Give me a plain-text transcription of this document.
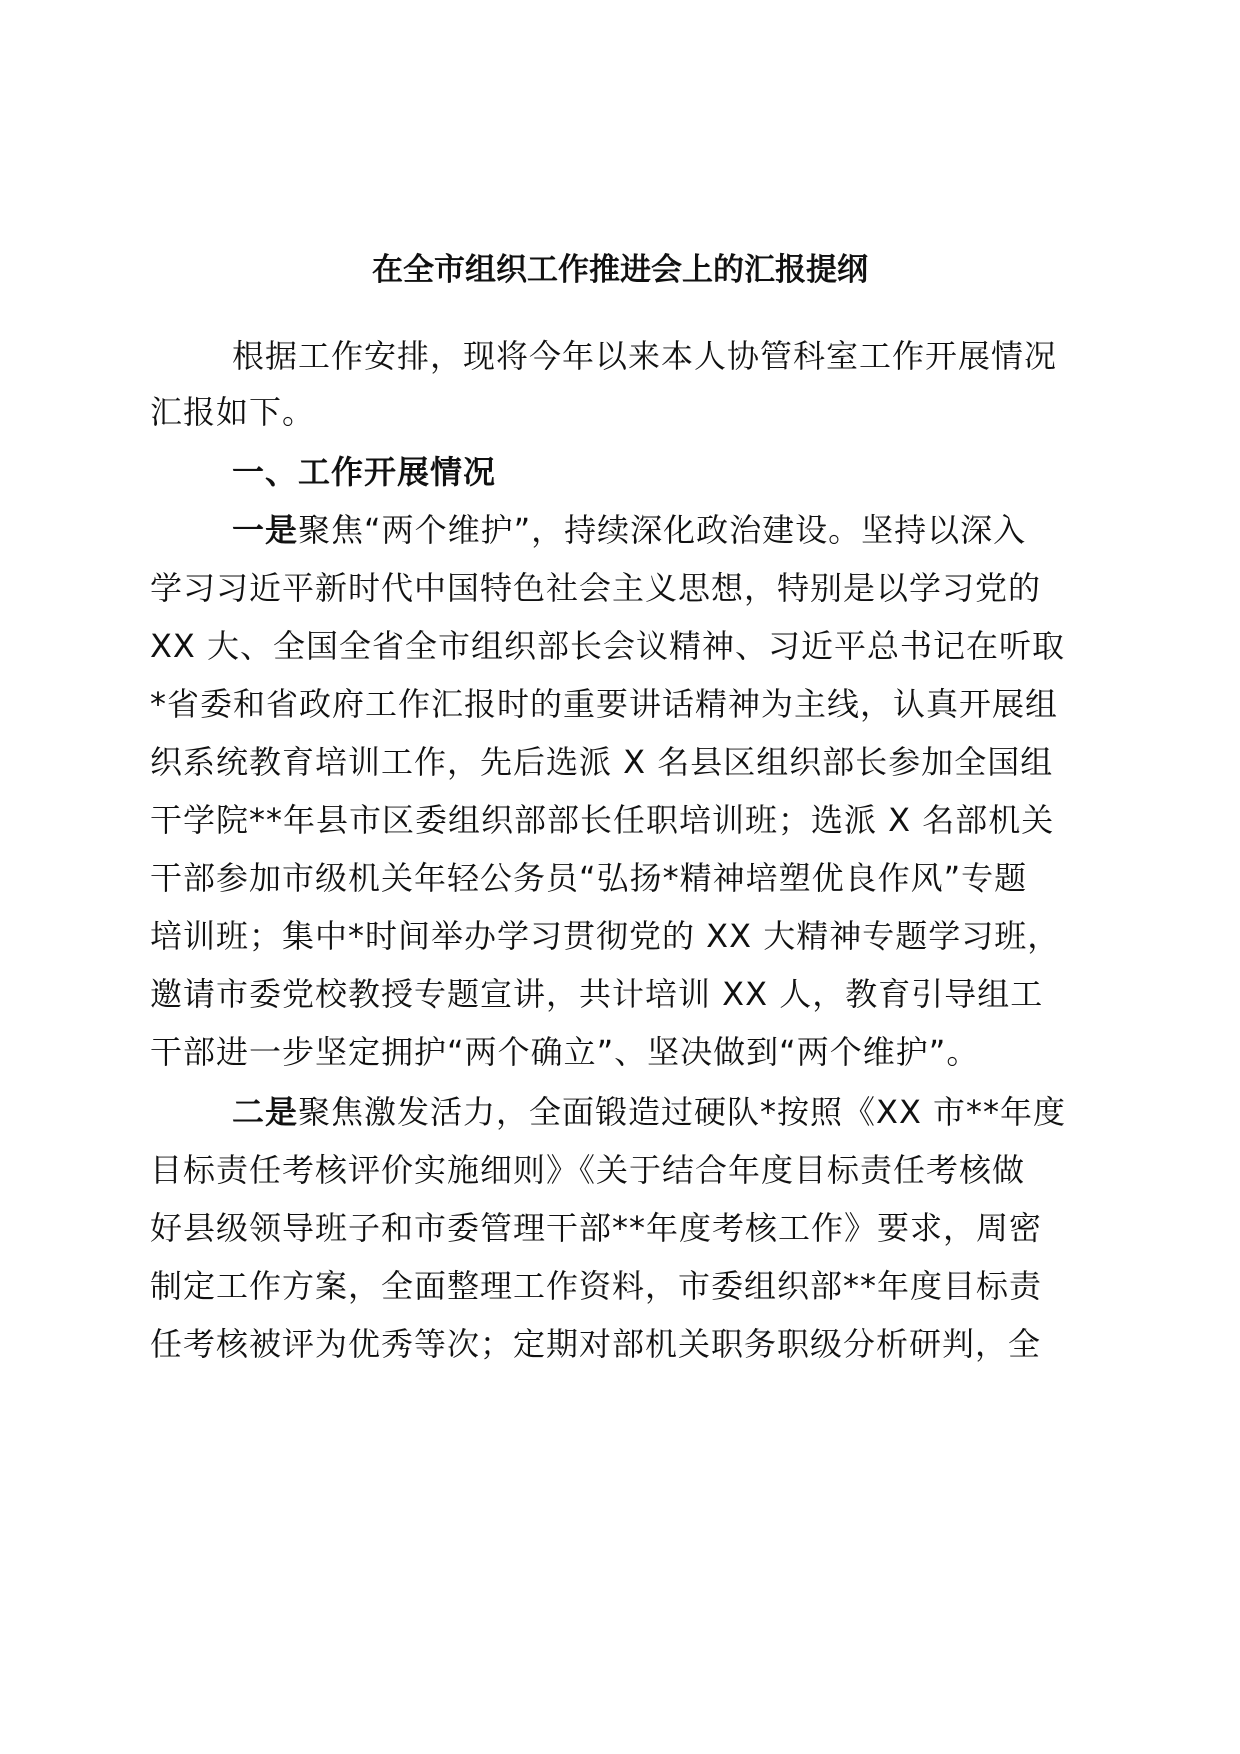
在全市组织工作推进会上的汇报提纲
根据工作安排，现将今年以来本人协管科室工作开展情况
汇报如下。
一、工作开展情况
一是聚焦“两个维护”，持续深化政治建设。坚持以深入
学习习近平新时代中国特色社会主义思想，特别是以学习党的
XX 大、全国全省全市组织部长会议精神、习近平总书记在听取
*省委和省政府工作汇报时的重要讲话精神为主线，认真开展组
织系统教育培训工作，先后选派 X 名县区组织部长参加全国组
干学院**年县市区委组织部部长任职培训班；选派 X 名部机关
干部参加市级机关年轻公务员“弘扬*精神培塑优良作风”专题
培训班；集中*时间举办学习贯彻党的 XX 大精神专题学习班，
邀请市委党校教授专题宣讲，共计培训 XX 人，教育引导组工
干部进一步坚定拥护“两个确立”、坚决做到“两个维护”。
二是聚焦激发活力，全面锻造过硬队*按照《XX 市**年度
目标责任考核评价实施细则》《关于结合年度目标责任考核做
好县级领导班子和市委管理干部**年度考核工作》要求，周密
制定工作方案，全面整理工作资料，市委组织部**年度目标责
任考核被评为优秀等次；定期对部机关职务职级分析研判，全
